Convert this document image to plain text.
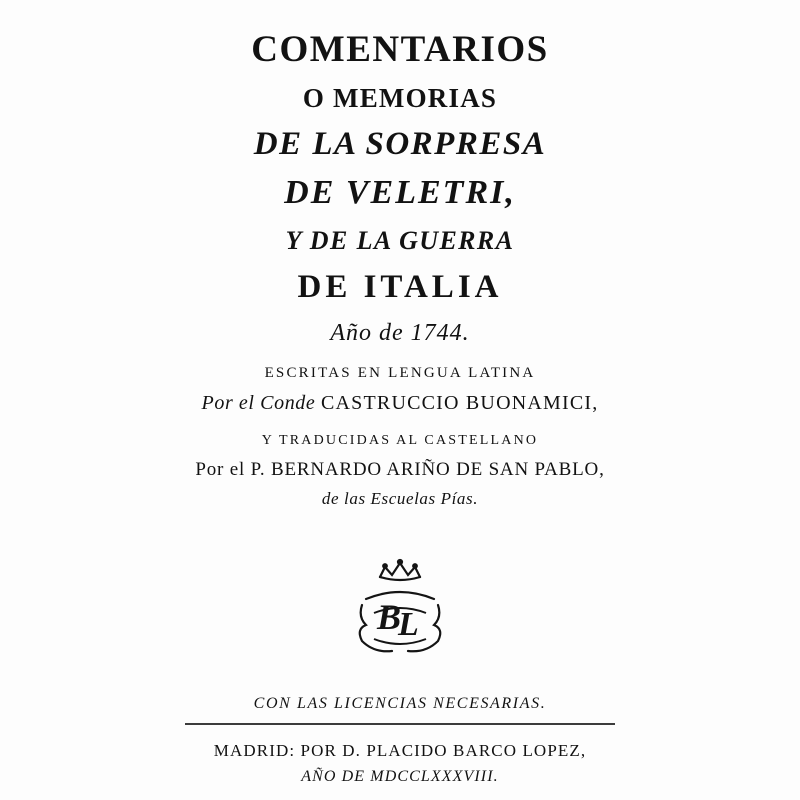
COMENTARIOS
O MEMORIAS
DE LA SORPRESA
DE VELETRI,
Y DE LA GUERRA
DE ITALIA
Año de 1744.
ESCRITAS EN LENGUA LATINA
Por el Conde CASTRUCCIO BUONAMICI,
Y TRADUCIDAS AL CASTELLANO
Por el P. BERNARDO ARIÑO DE SAN PABLO,
de las Escuelas Pías.
B
L
CON LAS LICENCIAS NECESARIAS.
MADRID: POR D. PLACIDO BARCO LOPEZ,
AÑO DE MDCCLXXXVIII.
